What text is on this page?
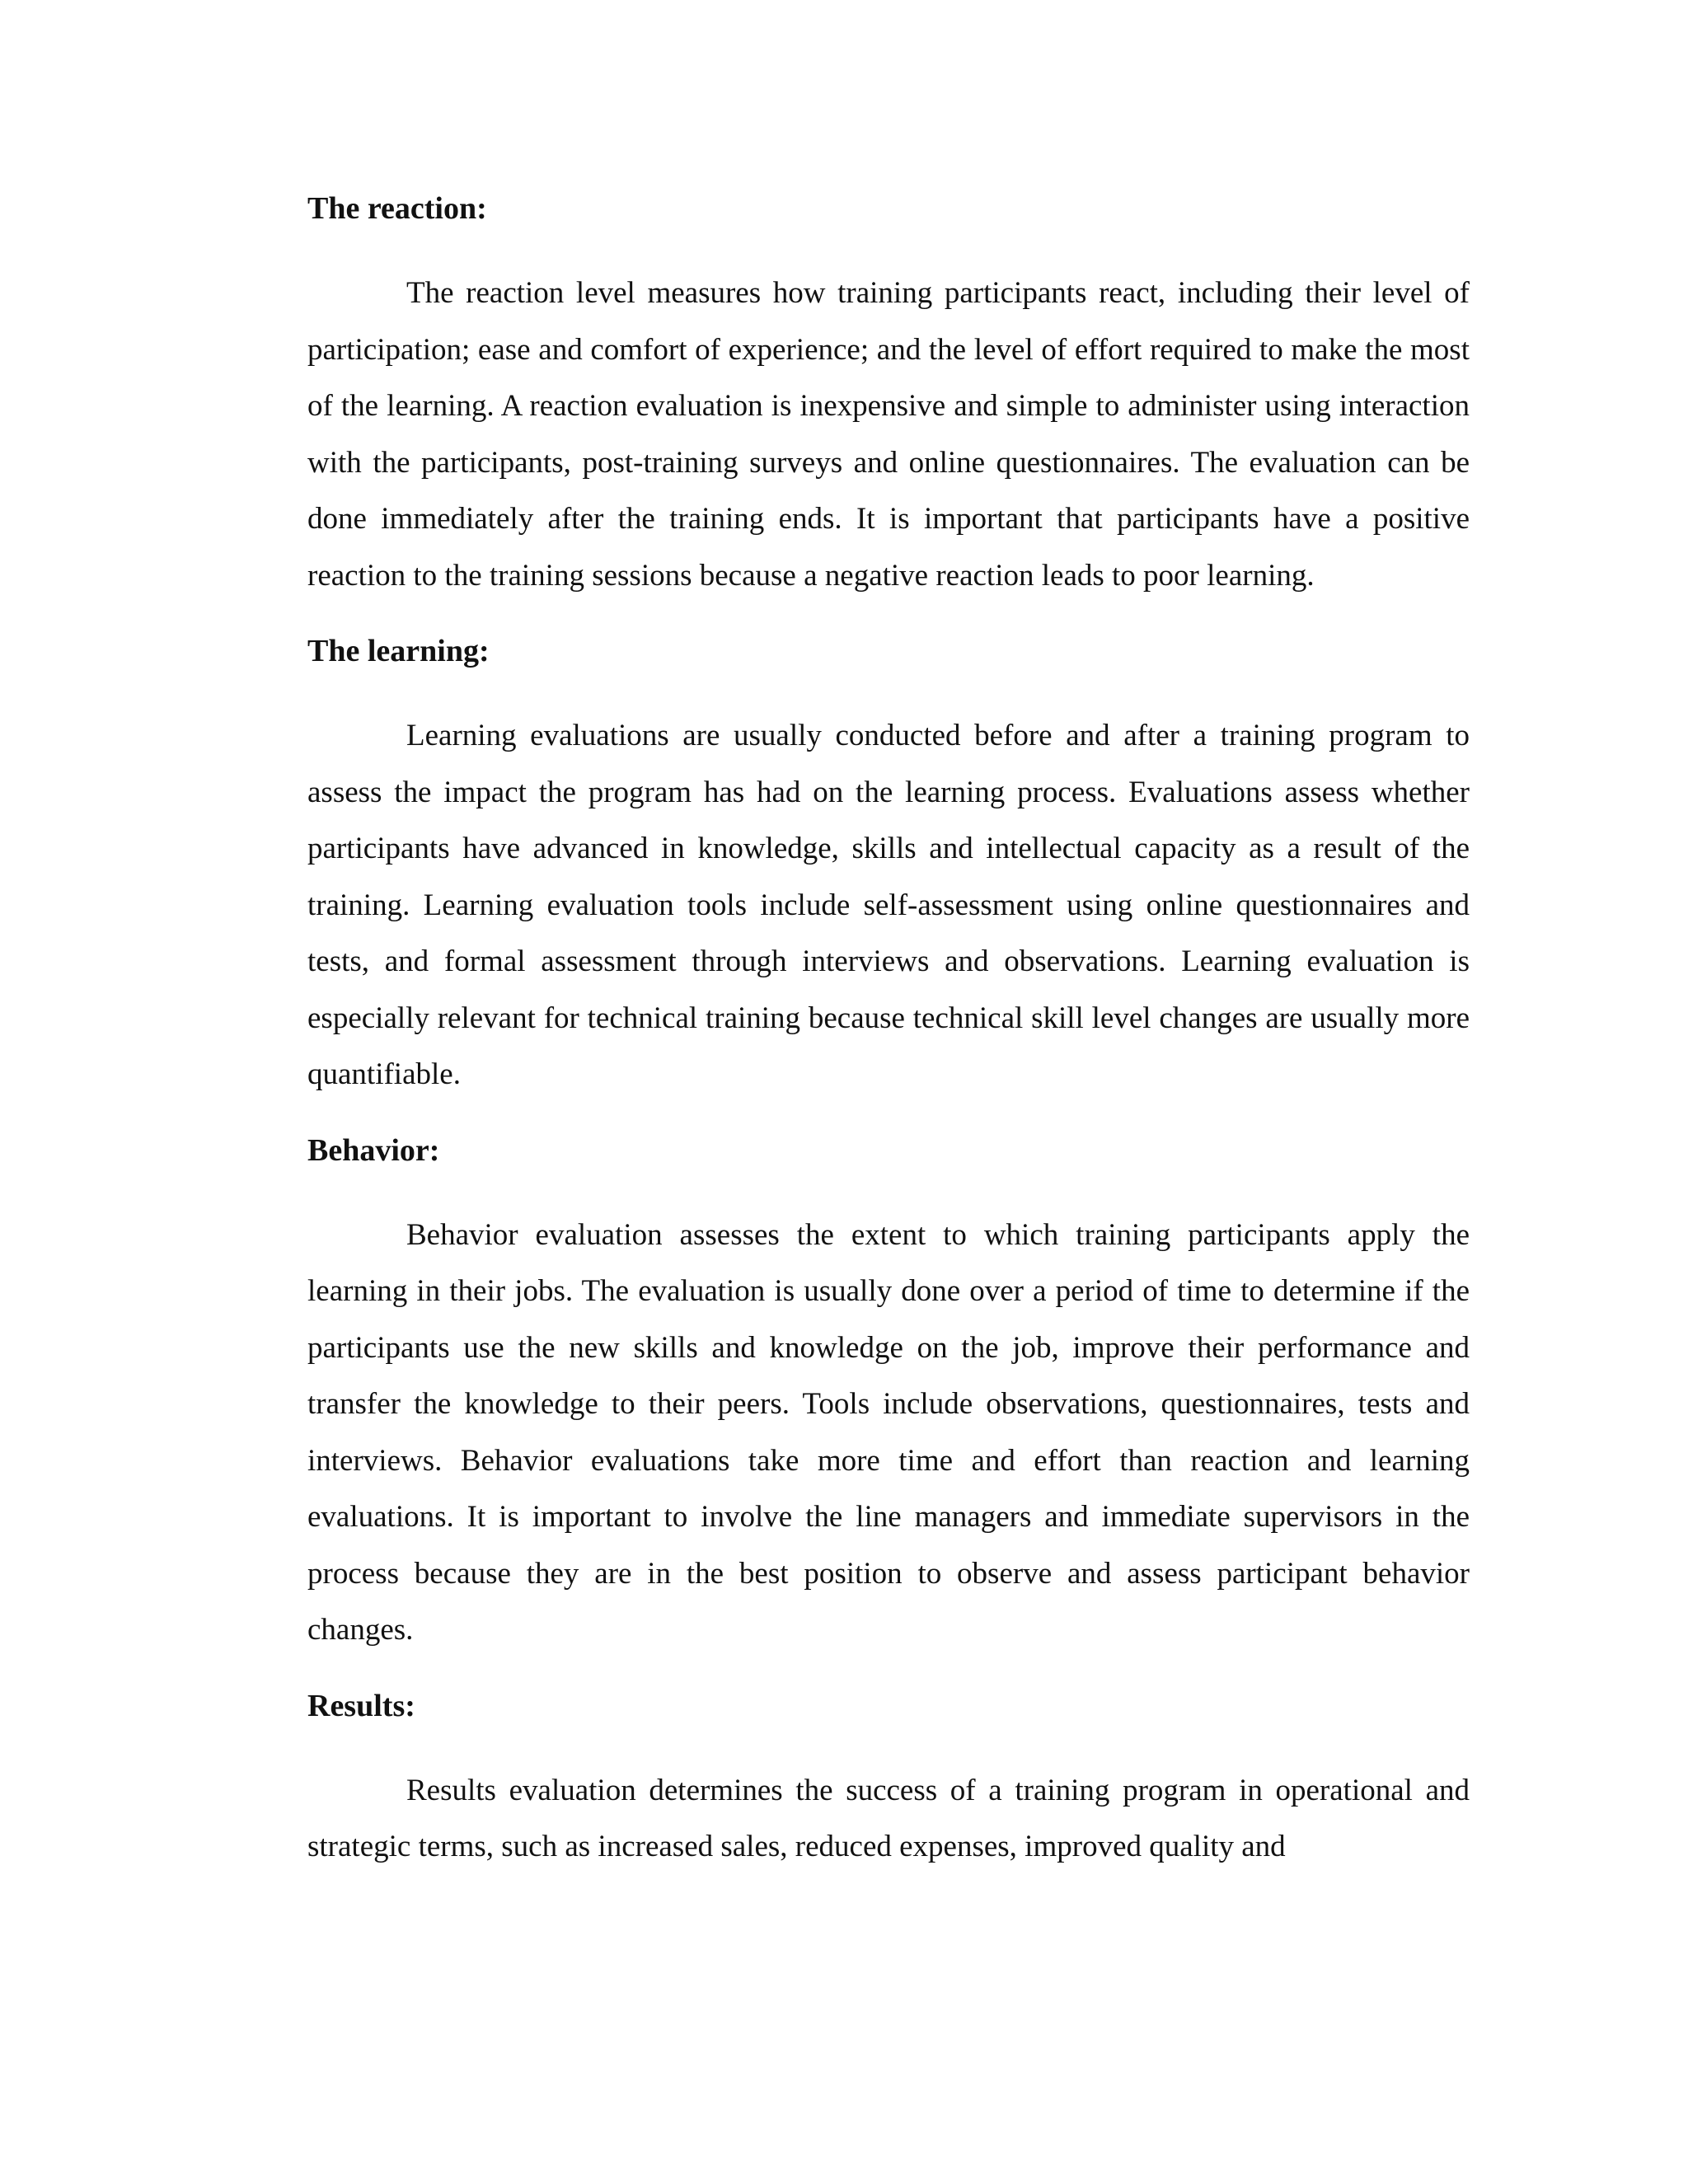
The reaction:

The reaction level measures how training participants react, including their level of participation; ease and comfort of experience; and the level of effort required to make the most of the learning. A reaction evaluation is inexpensive and simple to administer using interaction with the participants, post-training surveys and online questionnaires. The evaluation can be done immediately after the training ends. It is important that participants have a positive reaction to the training sessions because a negative reaction leads to poor learning.

The learning:

Learning evaluations are usually conducted before and after a training program to assess the impact the program has had on the learning process. Evaluations assess whether participants have advanced in knowledge, skills and intellectual capacity as a result of the training. Learning evaluation tools include self-assessment using online questionnaires and tests, and formal assessment through interviews and observations. Learning evaluation is especially relevant for technical training because technical skill level changes are usually more quantifiable.

Behavior:

Behavior evaluation assesses the extent to which training participants apply the learning in their jobs. The evaluation is usually done over a period of time to determine if the participants use the new skills and knowledge on the job, improve their performance and transfer the knowledge to their peers. Tools include observations, questionnaires, tests and interviews. Behavior evaluations take more time and effort than reaction and learning evaluations. It is important to involve the line managers and immediate supervisors in the process because they are in the best position to observe and assess participant behavior changes.

Results:

Results evaluation determines the success of a training program in operational and strategic terms, such as increased sales, reduced expenses, improved quality and
